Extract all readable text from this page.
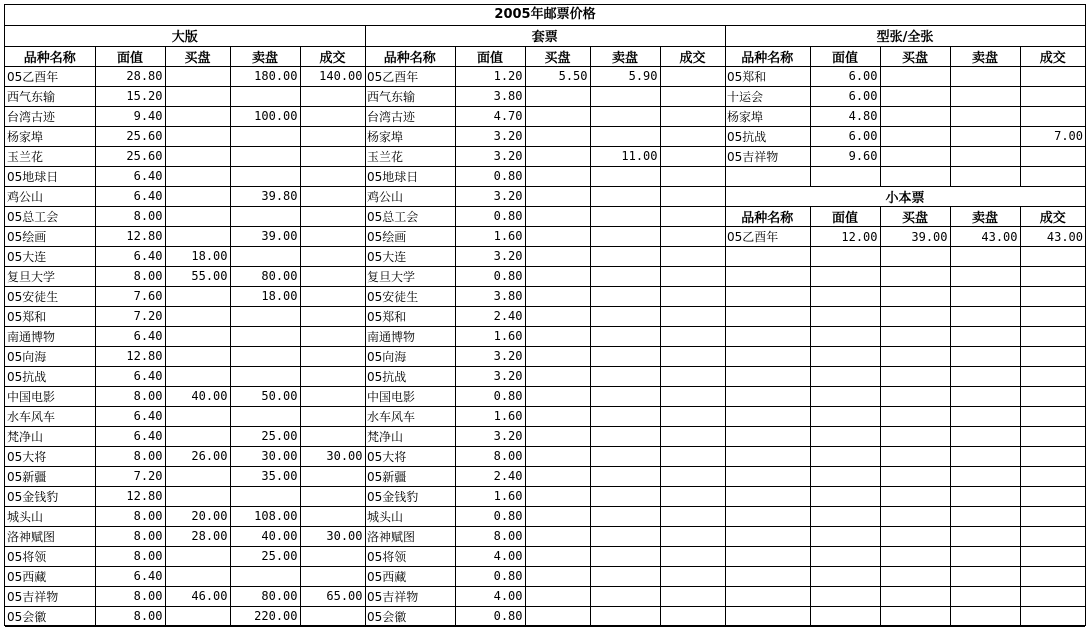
2005年邮票价格
大版				
品种名称	面值	买盘	卖盘	成交
05乙酉年	28.80		180.00	140.00
西气东输	15.20			
台湾古迹	9.40		100.00	
杨家埠	25.60			
玉兰花	25.60			
05地球日	6.40			
鸡公山	6.40		39.80	
05总工会	8.00			
05绘画	12.80		39.00	
05大连	6.40	18.00		
复旦大学	8.00	55.00	80.00	
05安徒生	7.60		18.00	
05郑和	7.20			
南通博物	6.40			
05向海	12.80			
05抗战	6.40			
中国电影	8.00	40.00	50.00	
水车风车	6.40			
梵净山	6.40		25.00	
05大将	8.00	26.00	30.00	30.00
05新疆	7.20		35.00	
05金钱豹	12.80			
城头山	8.00	20.00	108.00	
洛神赋图	8.00	28.00	40.00	30.00
05将领	8.00		25.00	
05西藏	6.40			
05吉祥物	8.00	46.00	80.00	65.00
05会徽	8.00		220.00	
套票				
品种名称	面值	买盘	卖盘	成交
05乙酉年	1.20	5.50	5.90	
西气东输	3.80			
台湾古迹	4.70			
杨家埠	3.20			
玉兰花	3.20		11.00	
05地球日	0.80			
鸡公山	3.20			
05总工会	0.80			
05绘画	1.60			
05大连	3.20			
复旦大学	0.80			
05安徒生	3.80			
05郑和	2.40			
南通博物	1.60			
05向海	3.20			
05抗战	3.20			
中国电影	0.80			
水车风车	1.60			
梵净山	3.20			
05大将	8.00			
05新疆	2.40			
05金钱豹	1.60			
城头山	0.80			
洛神赋图	8.00			
05将领	4.00			
05西藏	0.80			
05吉祥物	4.00			
05会徽	0.80			
型张/全张				
品种名称	面值	买盘	卖盘	成交
05郑和	6.00			
十运会	6.00			
杨家埠	4.80			
05抗战	6.00			7.00
05吉祥物	9.60			

小本票				
品种名称	面值	买盘	卖盘	成交
05乙酉年	12.00	39.00	43.00	43.00
